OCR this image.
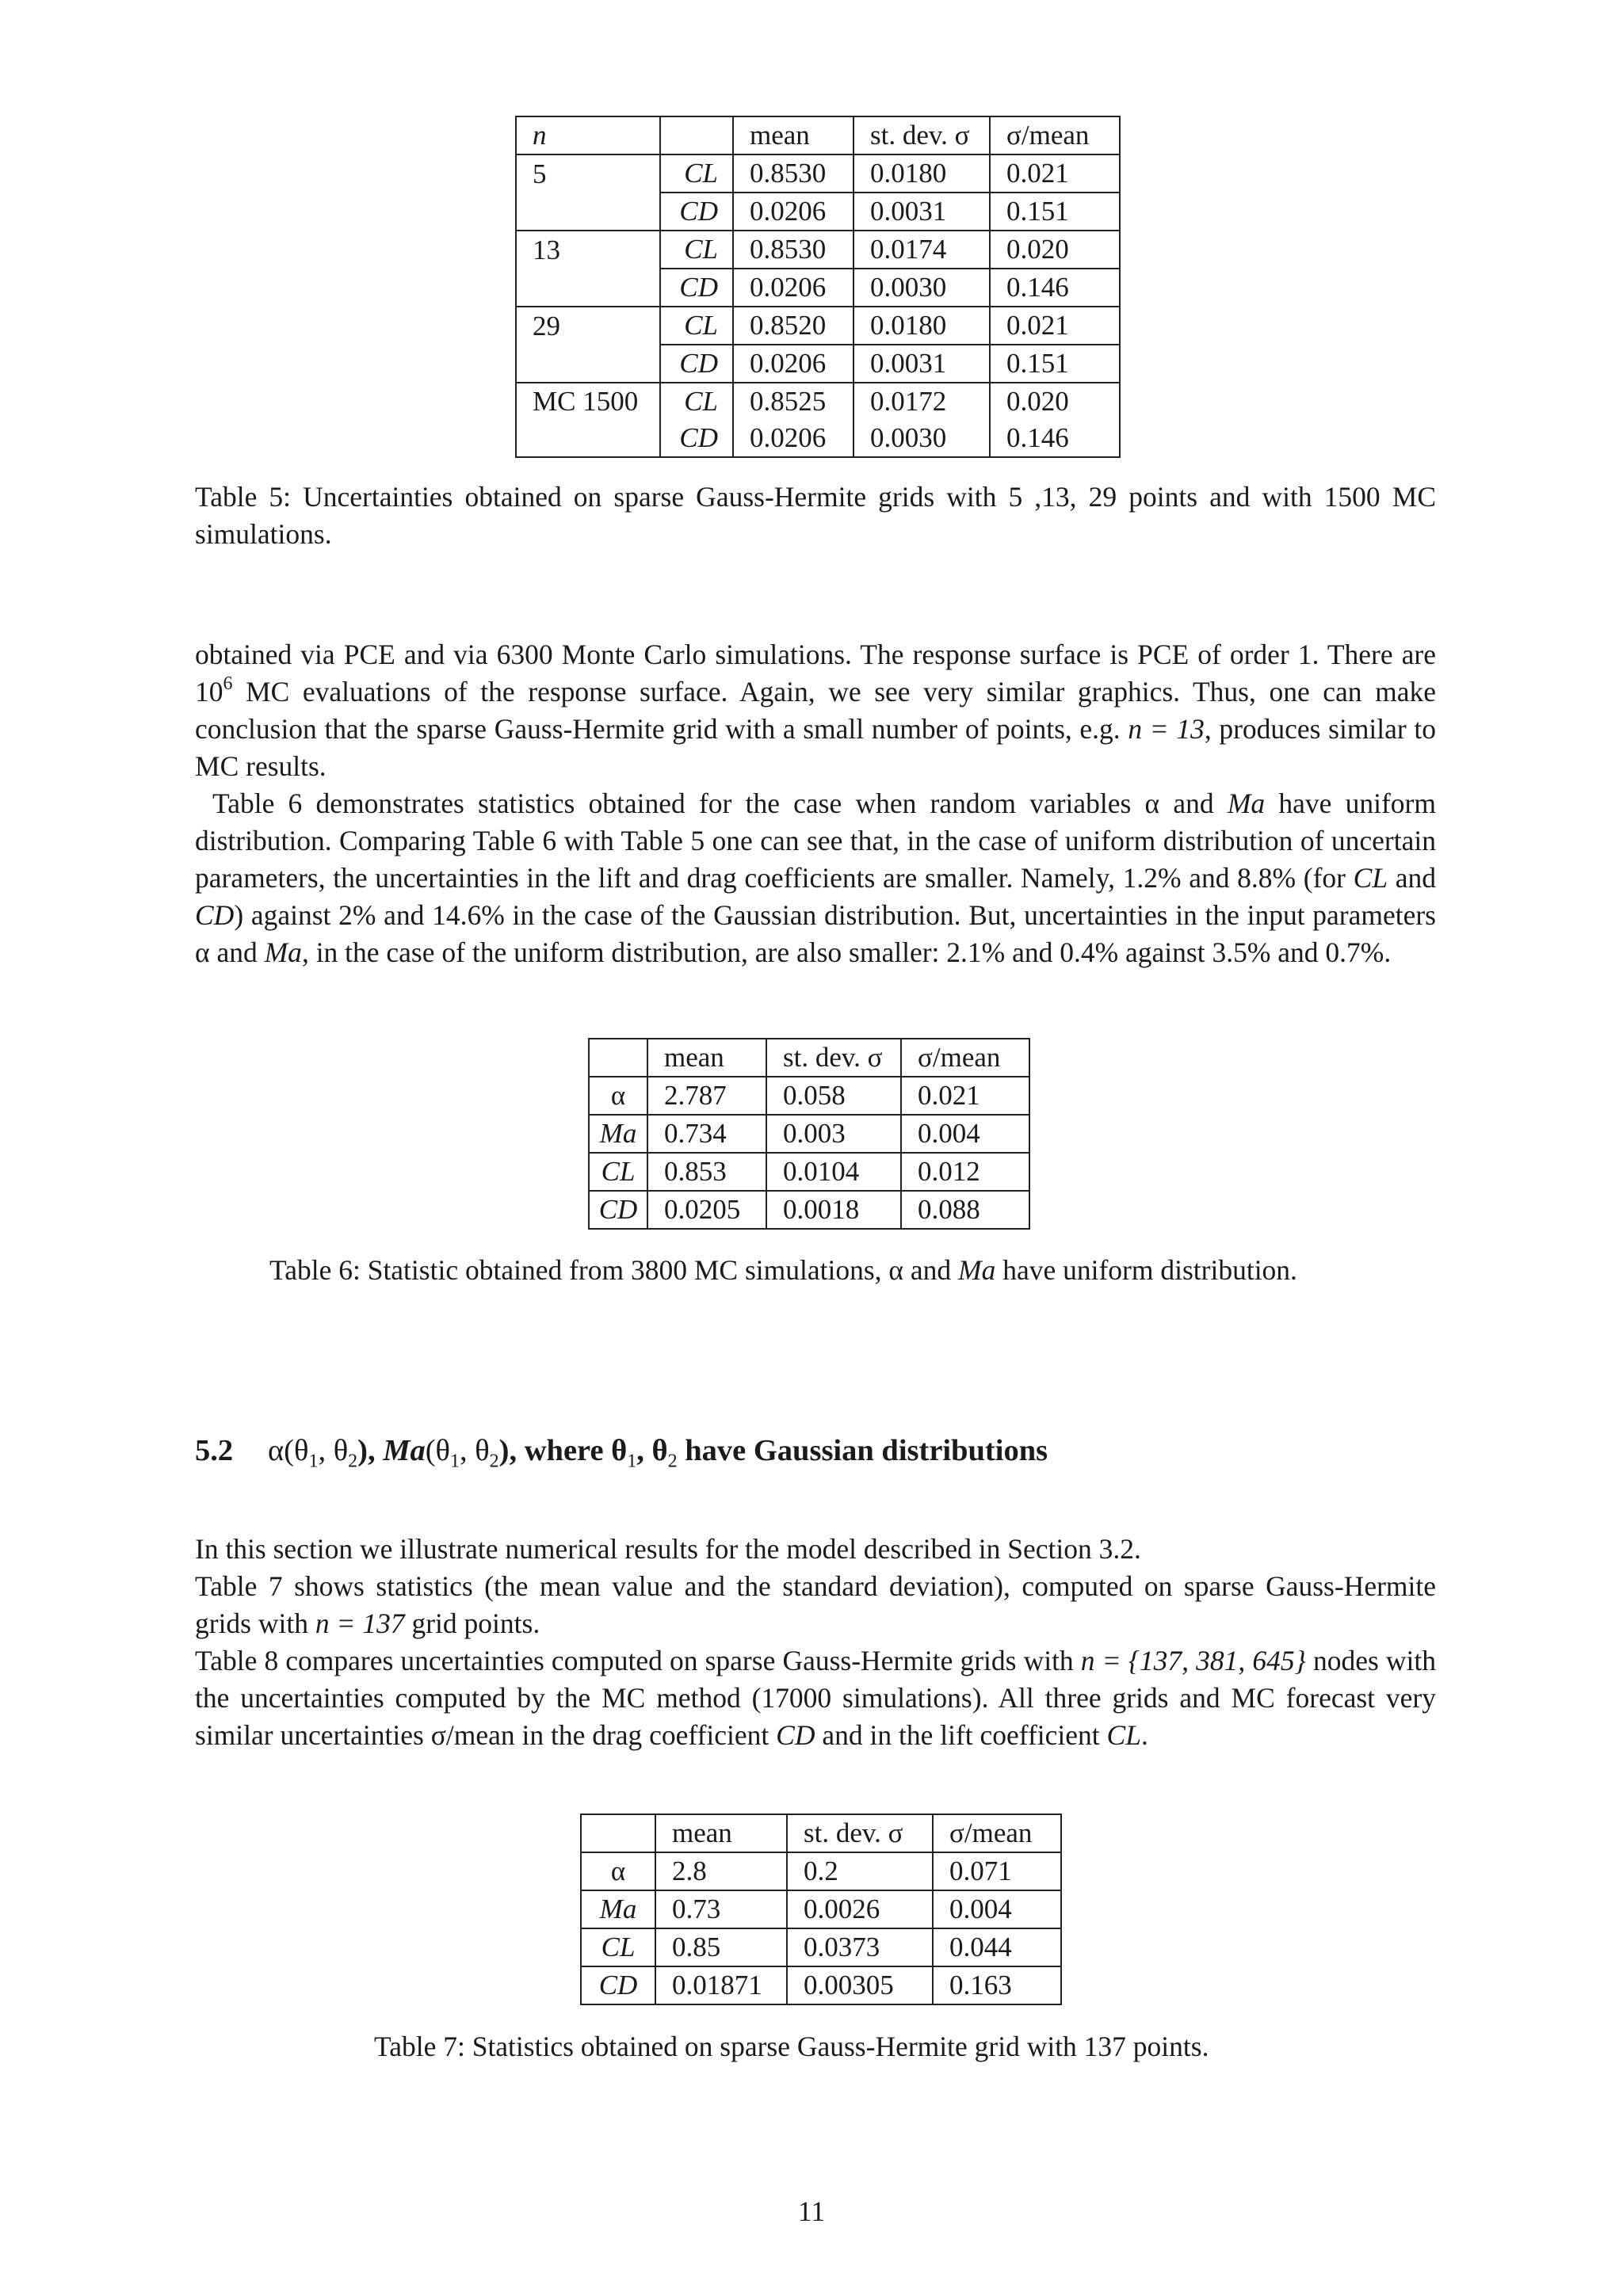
n		mean	st. dev. σ	σ/mean
5	CL	0.8530	0.0180	0.021
	CD	0.0206	0.0031	0.151
13	CL	0.8530	0.0174	0.020
	CD	0.0206	0.0030	0.146
29	CL	0.8520	0.0180	0.021
	CD	0.0206	0.0031	0.151
MC 1500	CL	0.8525	0.0172	0.020
	CD	0.0206	0.0030	0.146

Table 5: Uncertainties obtained on sparse Gauss-Hermite grids with 5 ,13, 29 points and with 1500 MC simulations.

obtained via PCE and via 6300 Monte Carlo simulations. The response surface is PCE of order 1. There are $10^6$ MC evaluations of the response surface. Again, we see very similar graphics. Thus, one can make conclusion that the sparse Gauss-Hermite grid with a small number of points, e.g. n = 13, produces similar to MC results.

Table 6 demonstrates statistics obtained for the case when random variables α and Ma have uniform distribution. Comparing Table 6 with Table 5 one can see that, in the case of uniform distribution of uncertain parameters, the uncertainties in the lift and drag coefficients are smaller. Namely, 1.2% and 8.8% (for CL and CD) against 2% and 14.6% in the case of the Gaussian distribution. But, uncertainties in the input parameters α and Ma, in the case of the uniform distribution, are also smaller: 2.1% and 0.4% against 3.5% and 0.7%.

	mean	st. dev. σ	σ/mean
α	2.787	0.058	0.021
Ma	0.734	0.003	0.004
CL	0.853	0.0104	0.012
CD	0.0205	0.0018	0.088

Table 6: Statistic obtained from 3800 MC simulations, α and Ma have uniform distribution.

5.2 $\alpha(\theta_1$, $\theta_2$), $Ma(\theta_1$, $\theta_2$), where $\theta_1$, $\theta_2$ have Gaussian distributions

In this section we illustrate numerical results for the model described in Section 3.2.

Table 7 shows statistics (the mean value and the standard deviation), computed on sparse Gauss-Hermite grids with n = 137 grid points.

Table 8 compares uncertainties computed on sparse Gauss-Hermite grids with n = {137, 381, 645} nodes with the uncertainties computed by the MC method (17000 simulations). All three grids and MC forecast very similar uncertainties σ/mean in the drag coefficient CD and in the lift coefficient CL.

	mean	st. dev. σ	σ/mean
α	2.8	0.2	0.071
Ma	0.73	0.0026	0.004
CL	0.85	0.0373	0.044
CD	0.01871	0.00305	0.163

Table 7: Statistics obtained on sparse Gauss-Hermite grid with 137 points.

11
